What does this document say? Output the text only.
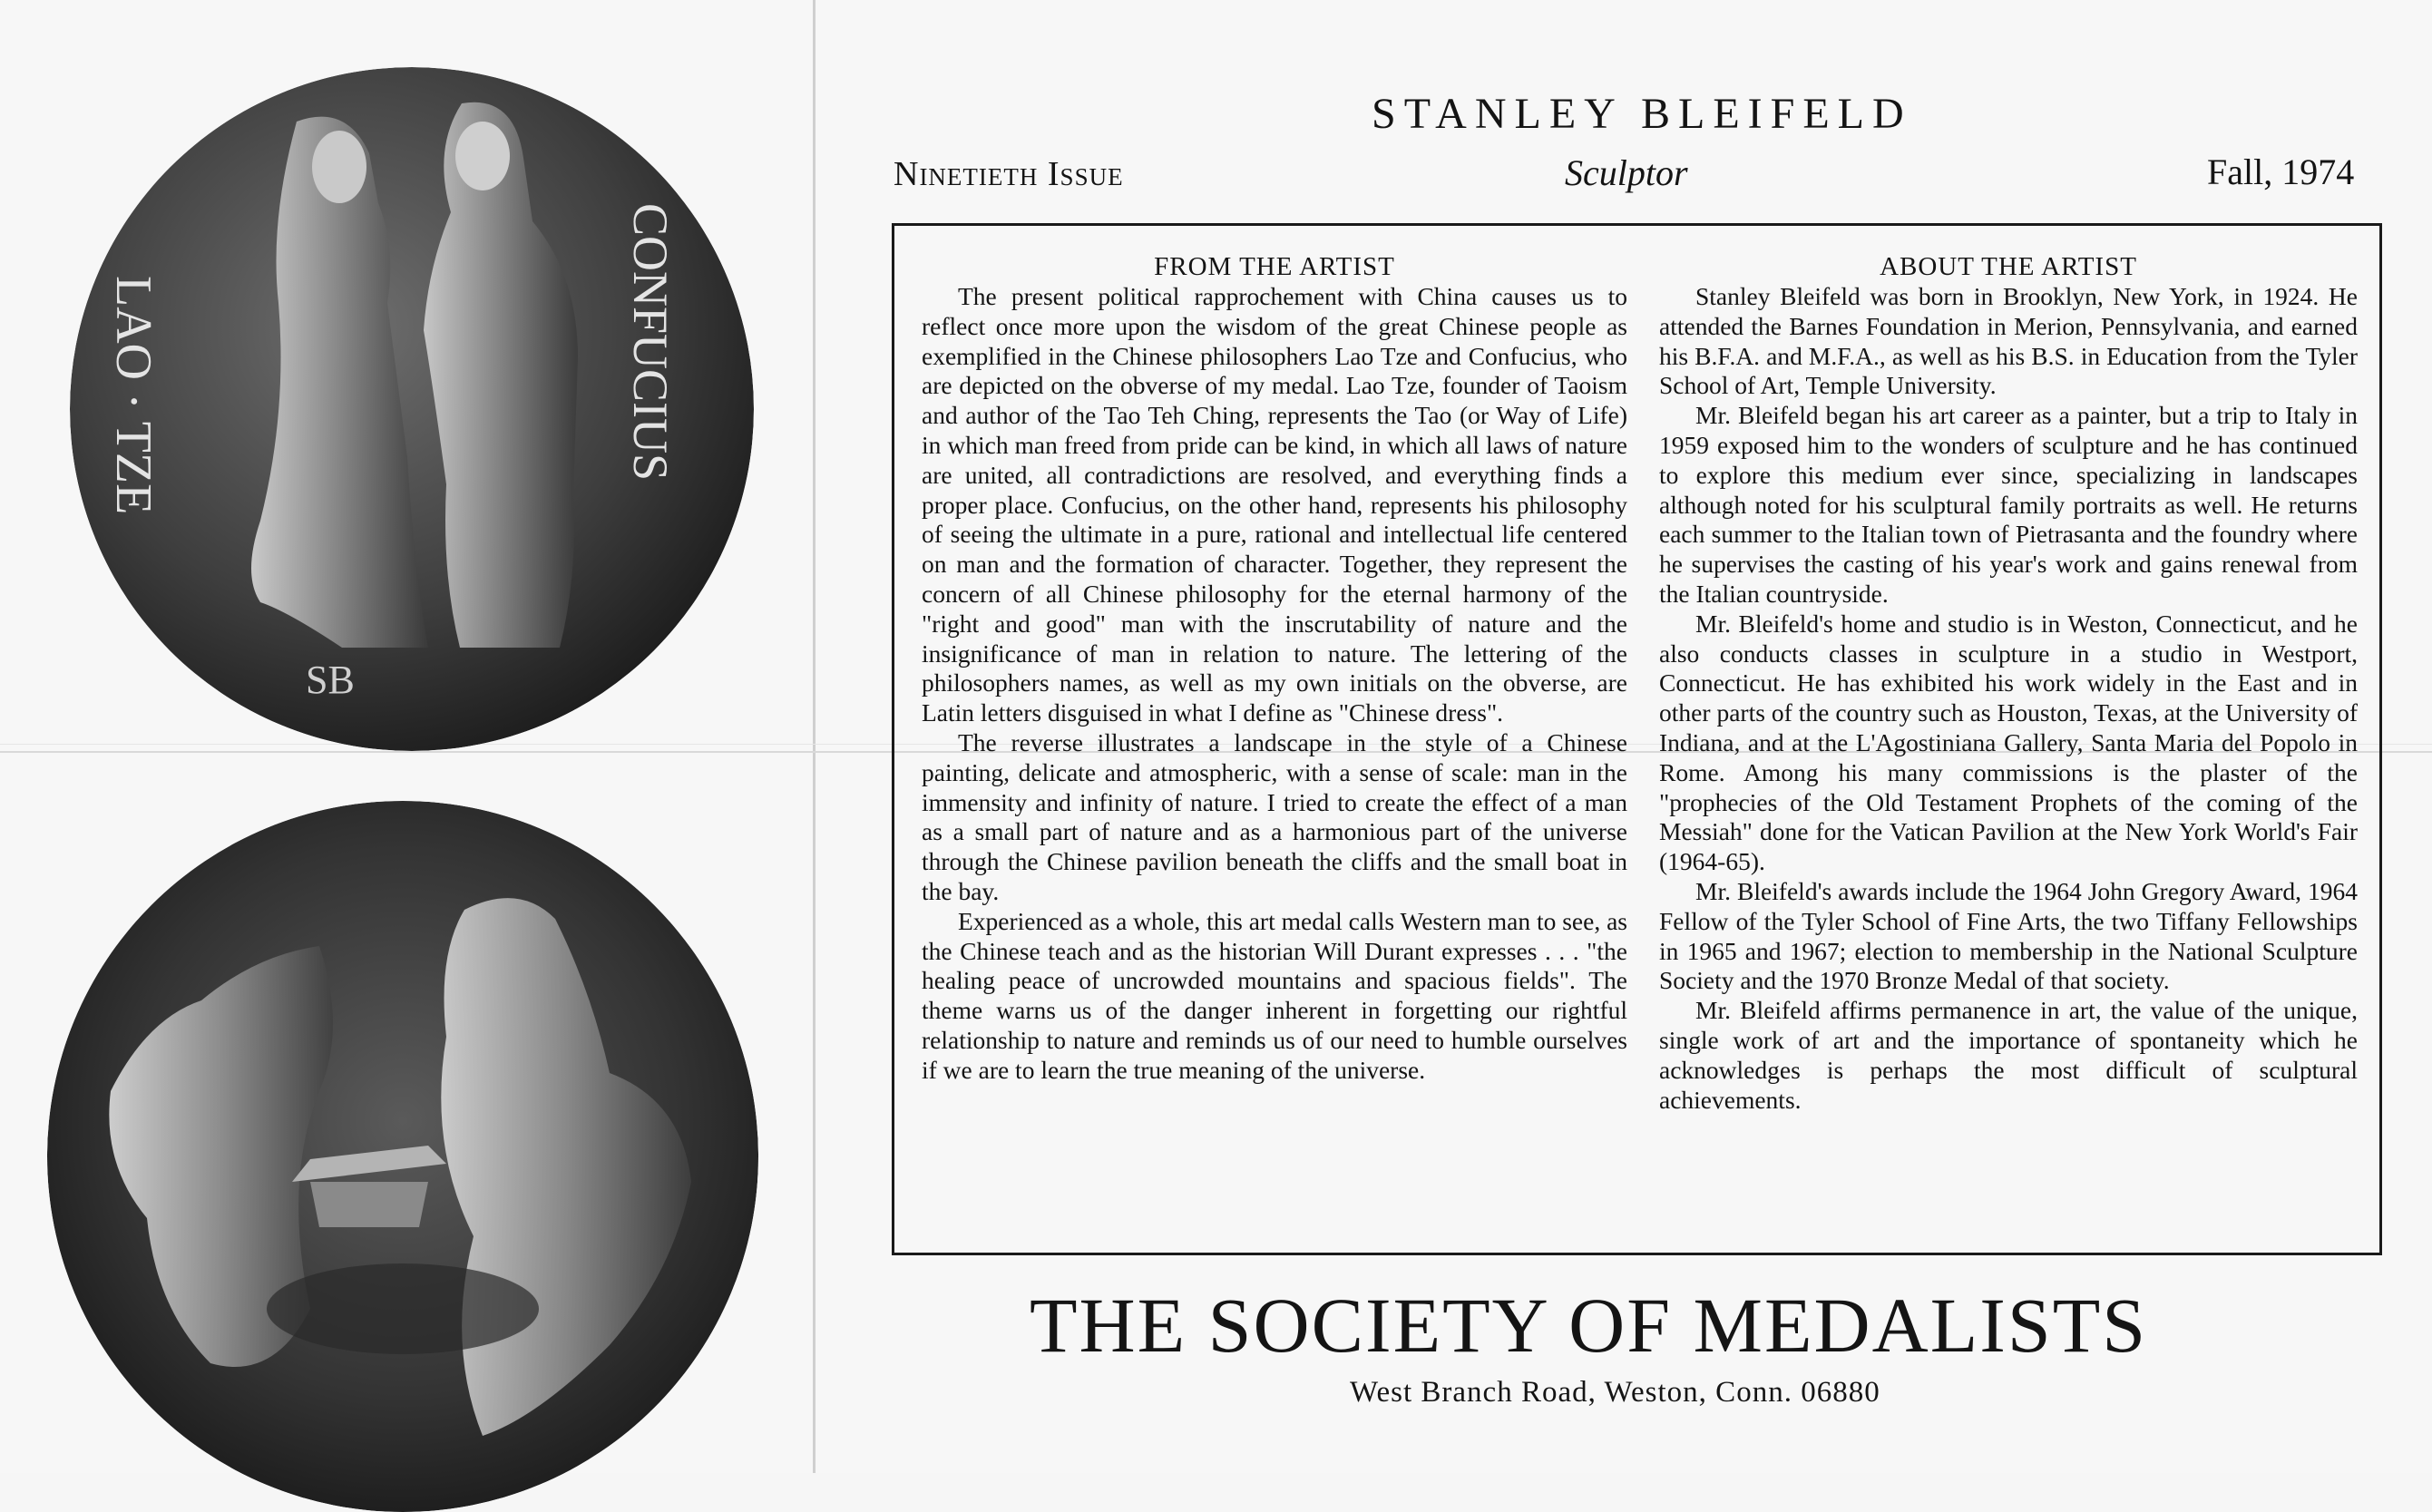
LAO · TZE	CONFUCIUS
SB
STANLEY BLEIFELD
Ninetieth Issue	Sculptor	Fall, 1974
FROM THE ARTIST

The present political rapprochement with China causes us to reflect once more upon the wisdom of the great Chinese people as exemplified in the Chinese philosophers Lao Tze and Confucius, who are depicted on the obverse of my medal. Lao Tze, founder of Taoism and author of the Tao Teh Ching, represents the Tao (or Way of Life) in which man freed from pride can be kind, in which all laws of nature are united, all contradictions are resolved, and everything finds a proper place. Confucius, on the other hand, represents his philosophy of seeing the ultimate in a pure, rational and intellectual life centered on man and the formation of character. Together, they represent the concern of all Chinese philosophy for the eternal harmony of the "right and good" man with the inscrutability of nature and the insignificance of man in relation to nature. The lettering of the philosophers names, as well as my own initials on the obverse, are Latin letters disguised in what I define as "Chinese dress".

The reverse illustrates a landscape in the style of a Chinese painting, delicate and atmospheric, with a sense of scale: man in the immensity and infinity of nature. I tried to create the effect of a man as a small part of nature and as a harmonious part of the universe through the Chinese pavilion beneath the cliffs and the small boat in the bay.

Experienced as a whole, this art medal calls Western man to see, as the Chinese teach and as the historian Will Durant expresses . . . "the healing peace of uncrowded mountains and spacious fields". The theme warns us of the danger inherent in forgetting our rightful relationship to nature and reminds us of our need to humble ourselves if we are to learn the true meaning of the universe.

ABOUT THE ARTIST

Stanley Bleifeld was born in Brooklyn, New York, in 1924. He attended the Barnes Foundation in Merion, Pennsylvania, and earned his B.F.A. and M.F.A., as well as his B.S. in Education from the Tyler School of Art, Temple University.

Mr. Bleifeld began his art career as a painter, but a trip to Italy in 1959 exposed him to the wonders of sculpture and he has continued to explore this medium ever since, specializing in landscapes although noted for his sculptural family portraits as well. He returns each summer to the Italian town of Pietrasanta and the foundry where he supervises the casting of his year's work and gains renewal from the Italian countryside.

Mr. Bleifeld's home and studio is in Weston, Connecticut, and he also conducts classes in sculpture in a studio in Westport, Connecticut. He has exhibited his work widely in the East and in other parts of the country such as Houston, Texas, at the University of Indiana, and at the L'Agostiniana Gallery, Santa Maria del Popolo in Rome. Among his many commissions is the plaster of the "prophecies of the Old Testament Prophets of the coming of the Messiah" done for the Vatican Pavilion at the New York World's Fair (1964-65).

Mr. Bleifeld's awards include the 1964 John Gregory Award, 1964 Fellow of the Tyler School of Fine Arts, the two Tiffany Fellowships in 1965 and 1967; election to membership in the National Sculpture Society and the 1970 Bronze Medal of that society.

Mr. Bleifeld affirms permanence in art, the value of the unique, single work of art and the importance of spontaneity which he acknowledges is perhaps the most difficult of sculptural achievements.

THE SOCIETY OF MEDALISTS
West Branch Road, Weston, Conn. 06880
